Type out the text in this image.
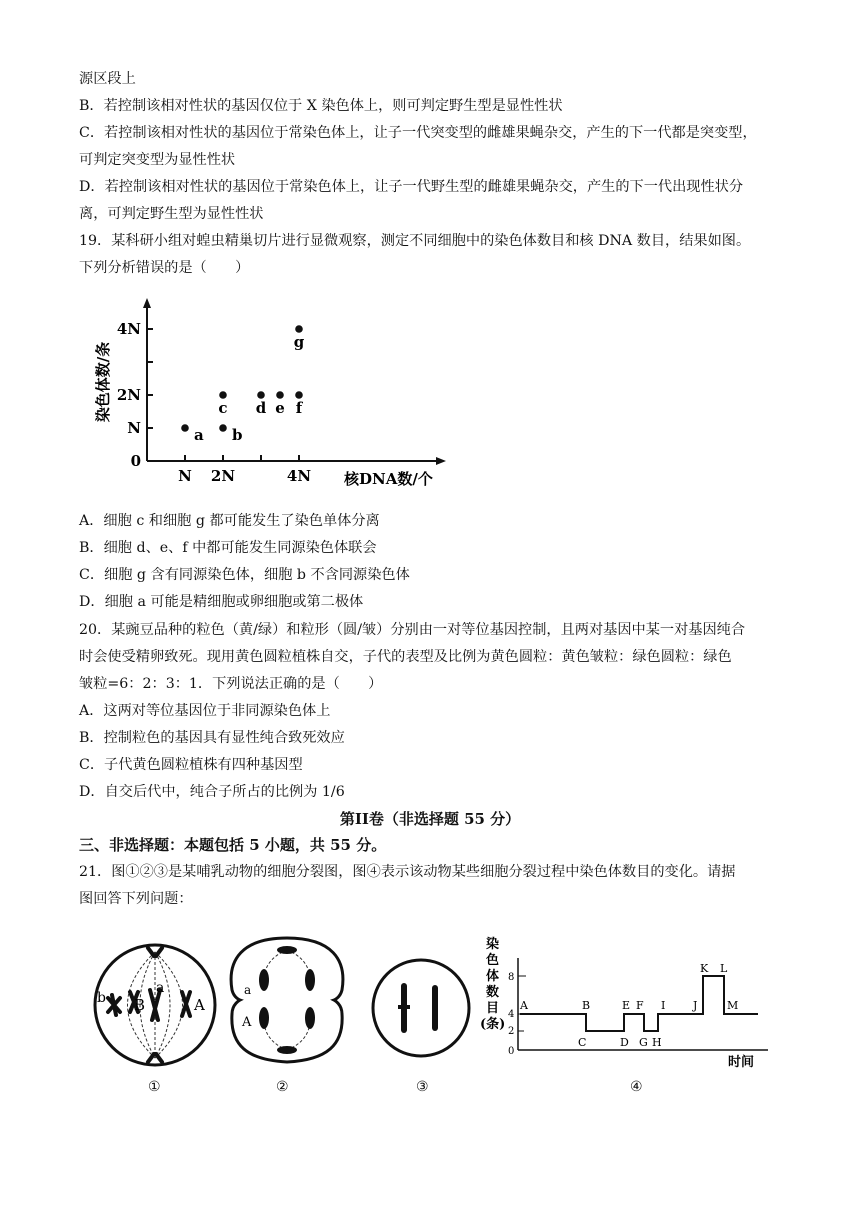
源区段上
B．若控制该相对性状的基因仅位于 X 染色体上，则可判定野生型是显性性状
C．若控制该相对性状的基因位于常染色体上，让子一代突变型的雌雄果蝇杂交，产生的下一代都是突变型，
可判定突变型为显性性状
D．若控制该相对性状的基因位于常染色体上，让子一代野生型的雌雄果蝇杂交，产生的下一代出现性状分
离，可判定野生型为显性性状
19．某科研小组对蝗虫精巢切片进行显微观察，测定不同细胞中的染色体数目和核 DNA 数目，结果如图。
下列分析错误的是（　　）
N 2N	4N
0
N
2N
4N
a b
c d e f
g
染色体数/条
核DNA数/个
A．细胞 c 和细胞 g 都可能发生了染色单体分离
B．细胞 d、e、f 中都可能发生同源染色体联会
C．细胞 g 含有同源染色体，细胞 b 不含同源染色体
D．细胞 a 可能是精细胞或卵细胞或第二极体
20．某豌豆品种的粒色（黄/绿）和粒形（圆/皱）分别由一对等位基因控制，且两对基因中某一对基因纯合
时会使受精卵致死。现用黄色圆粒植株自交，子代的表型及比例为黄色圆粒：黄色皱粒：绿色圆粒：绿色
皱粒=6：2：3：1．下列说法正确的是（　　）
A．这两对等位基因位于非同源染色体上
B．控制粒色的基因具有显性纯合致死效应
C．子代黄色圆粒植株有四种基因型
D．自交后代中，纯合子所占的比例为 1/6
第II卷（非选择题 55 分）
三、非选择题：本题包括 5 小题，共 55 分。
21．图①②③是某哺乳动物的细胞分裂图，图④表示该动物某些细胞分裂过程中染色体数目的变化。请据
图回答下列问题：
b B
a
A
a
A
染色体 数目(条)
8
4
2
0
A	B
C	D
E F
G H
I	J
K L
M
时间
①	②	③	④
